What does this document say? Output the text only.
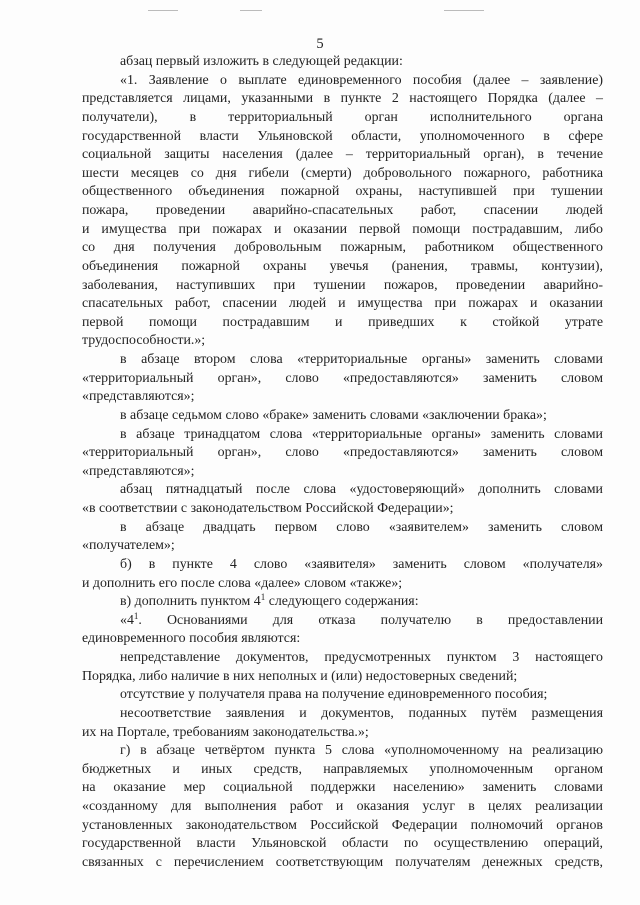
5

абзац первый изложить в следующей редакции:

«1. Заявление о выплате единовременного пособия (далее – заявление)

представляется лицами, указанными в пункте 2 настоящего Порядка (далее –

получатели), в территориальный орган исполнительного органа

государственной власти Ульяновской области, уполномоченного в сфере

социальной защиты населения (далее – территориальный орган), в течение

шести месяцев со дня гибели (смерти) добровольного пожарного, работника

общественного объединения пожарной охраны, наступившей при тушении

пожара, проведении аварийно-спасательных работ, спасении людей

и имущества при пожарах и оказании первой помощи пострадавшим, либо

со дня получения добровольным пожарным, работником общественного

объединения пожарной охраны увечья (ранения, травмы, контузии),

заболевания, наступивших при тушении пожаров, проведении аварийно-

спасательных работ, спасении людей и имущества при пожарах и оказании

первой помощи пострадавшим и приведших к стойкой утрате

трудоспособности.»;

в абзаце втором слова «территориальные органы» заменить словами

«территориальный орган», слово «предоставляются» заменить словом

«представляются»;

в абзаце седьмом слово «браке» заменить словами «заключении брака»;

в абзаце тринадцатом слова «территориальные органы» заменить словами

«территориальный орган», слово «предоставляются» заменить словом

«представляются»;

абзац пятнадцатый после слова «удостоверяющий» дополнить словами

«в соответствии с законодательством Российской Федерации»;

в абзаце двадцать первом слово «заявителем» заменить словом

«получателем»;

б) в пункте 4 слово «заявителя» заменить словом «получателя»

и дополнить его после слова «далее» словом «также»;

в) дополнить пунктом $4^1$ следующего содержания:

«$4^1$. Основаниями для отказа получателю в предоставлении

единовременного пособия являются:

непредставление документов, предусмотренных пунктом 3 настоящего

Порядка, либо наличие в них неполных и (или) недостоверных сведений;

отсутствие у получателя права на получение единовременного пособия;

несоответствие заявления и документов, поданных путём размещения

их на Портале, требованиям законодательства.»;

г) в абзаце четвёртом пункта 5 слова «уполномоченному на реализацию

бюджетных и иных средств, направляемых уполномоченным органом

на оказание мер социальной поддержки населению» заменить словами

«созданному для выполнения работ и оказания услуг в целях реализации

установленных законодательством Российской Федерации полномочий органов

государственной власти Ульяновской области по осуществлению операций,

связанных с перечислением соответствующим получателям денежных средств,
